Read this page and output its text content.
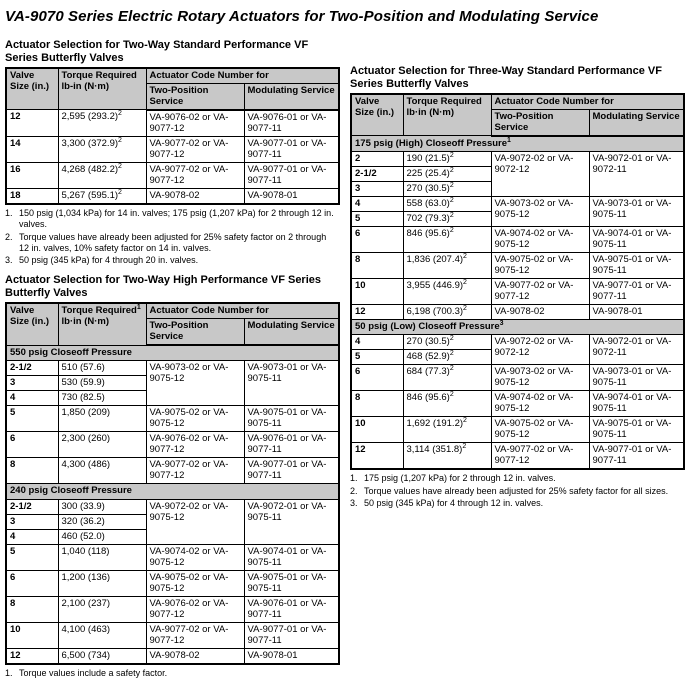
VA-9070 Series Electric Rotary Actuators for Two-Position and Modulating Service
Actuator Selection for Two-Way Standard Performance VF Series Butterfly Valves
Valve Size (in.)	Torque Required lb-in (N·m)	Actuator Code Number for	
		Two-Position Service	Modulating Service
12	2,595 $(293.2)^2$	VA-9076-02 or VA-9077-12	VA-9076-01 or VA-9077-11
14	3,300 $(372.9)^2$	VA-9077-02 or VA-9077-12	VA-9077-01 or VA-9077-11
16	4,268 $(482.2)^2$	VA-9077-02 or VA-9077-12	VA-9077-01 or VA-9077-11
18	5,267 $(595.1)^2$	VA-9078-02	VA-9078-01
1. 150 psig (1,034 kPa) for 14 in. valves; 175 psig (1,207 kPa) for 2 through 12 in. valves.
2. Torque values have already been adjusted for 25% safety factor on 2 through 12 in. valves, 10% safety factor on 14 in. valves.
3. 50 psig (345 kPa) for 4 through 20 in. valves.
Actuator Selection for Two-Way High Performance VF Series Butterfly Valves
Valve Size (in.)	Torque Required$^1$ lb·in (N·m)	Actuator Code Number for	
		Two-Position Service	Modulating Service
550 psig Closeoff Pressure			
2-1/2	510 (57.6)	VA-9073-02 or VA-9075-12	VA-9073-01 or VA-9075-11
3	530 (59.9)		
4	730 (82.5)		
5	1,850 (209)	VA-9075-02 or VA-9075-12	VA-9075-01 or VA-9075-11
6	2,300 (260)	VA-9076-02 or VA-9077-12	VA-9076-01 or VA-9077-11
8	4,300 (486)	VA-9077-02 or VA-9077-12	VA-9077-01 or VA-9077-11
240 psig Closeoff Pressure			
2-1/2	300 (33.9)	VA-9072-02 or VA-9075-12	VA-9072-01 or VA-9075-11
3	320 (36.2)		
4	460 (52.0)		
5	1,040 (118)	VA-9074-02 or VA-9075-12	VA-9074-01 or VA-9075-11
6	1,200 (136)	VA-9075-02 or VA-9075-12	VA-9075-01 or VA-9075-11
8	2,100 (237)	VA-9076-02 or VA-9077-12	VA-9076-01 or VA-9077-11
10	4,100 (463)	VA-9077-02 or VA-9077-12	VA-9077-01 or VA-9077-11
12	6,500 (734)	VA-9078-02	VA-9078-01
1. Torque values include a safety factor.
Actuator Selection for Three-Way Standard Performance VF Series Butterfly Valves
Valve Size (in.)	Torque Required lb·in (N·m)	Actuator Code Number for	
		Two-Position Service	Modulating Service
175 psig (High) Closeoff Pressure$^1$
2	190 $(21.5)^2$	VA-9072-02 or VA-9072-12	VA-9072-01 or VA-9072-11
2-1/2	225 $(25.4)^2$
3	270 $(30.5)^2$
4	558 $(63.0)^2$	VA-9073-02 or VA-9075-12	VA-9073-01 or VA-9075-11
5	702 $(79.3)^2$
6	846 $(95.6)^2$	VA-9074-02 or VA-9075-12	VA-9074-01 or VA-9075-11
8	1,836 $(207.4)^2$	VA-9075-02 or VA-9075-12	VA-9075-01 or VA-9075-11
10	3,955 $(446.9)^2$	VA-9077-02 or VA-9077-12	VA-9077-01 or VA-9077-11
12	6,198 $(700.3)^2$	VA-9078-02	VA-9078-01
50 psig (Low) Closeoff Pressure$^3$
4	270 $(30.5)^2$	VA-9072-02 or VA-9072-12	VA-9072-01 or VA-9072-11
5	468 $(52.9)^2$
6	684 $(77.3)^2$	VA-9073-02 or VA-9075-12	VA-9073-01 or VA-9075-11
8	846 $(95.6)^2$	VA-9074-02 or VA-9075-12	VA-9074-01 or VA-9075-11
10	1,692 $(191.2)^2$	VA-9075-02 or VA-9075-12	VA-9075-01 or VA-9075-11
12	3,114 $(351.8)^2$	VA-9077-02 or VA-9077-12	VA-9077-01 or VA-9077-11
1. 175 psig (1,207 kPa) for 2 through 12 in. valves.
2. Torque values have already been adjusted for 25% safety factor for all sizes.
3. 50 psig (345 kPa) for 4 through 12 in. valves.
